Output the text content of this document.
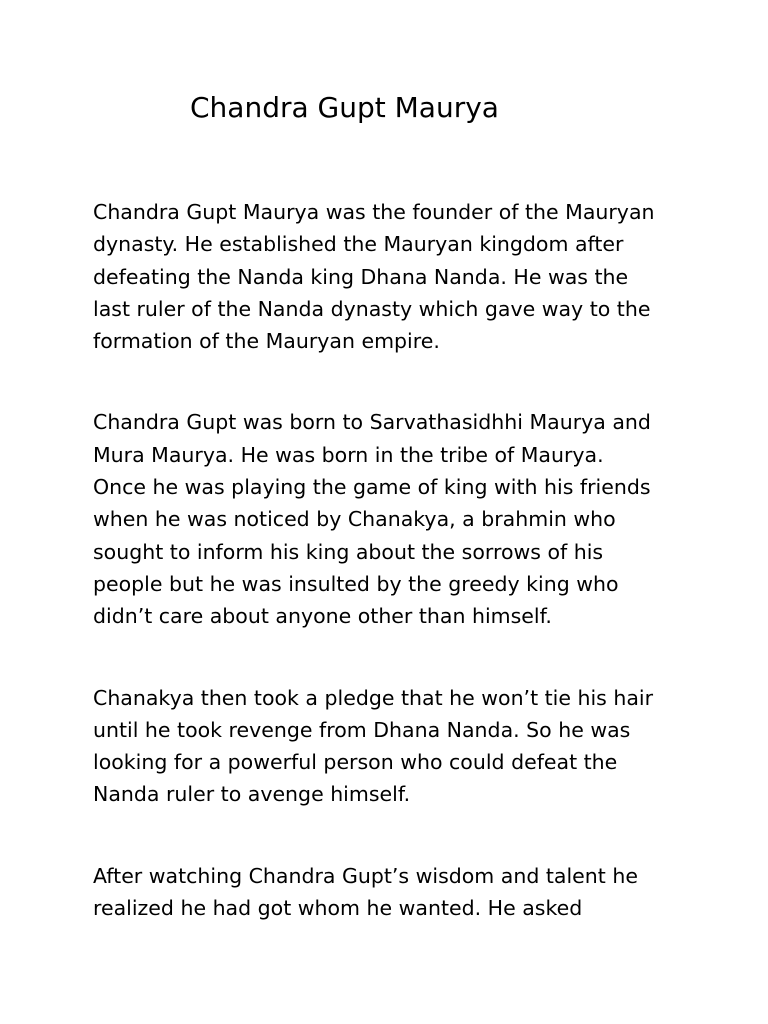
Chandra Gupt Maurya

Chandra Gupt Maurya was the founder of the Mauryan
dynasty. He established the Mauryan kingdom after
defeating the Nanda king Dhana Nanda. He was the
last ruler of the Nanda dynasty which gave way to the
formation of the Mauryan empire.

Chandra Gupt was born to Sarvathasidhhi Maurya and
Mura Maurya. He was born in the tribe of Maurya.
Once he was playing the game of king with his friends
when he was noticed by Chanakya, a brahmin who
sought to inform his king about the sorrows of his
people but he was insulted by the greedy king who
didn’t care about anyone other than himself.

Chanakya then took a pledge that he won’t tie his hair
until he took revenge from Dhana Nanda. So he was
looking for a powerful person who could defeat the
Nanda ruler to avenge himself.

After watching Chandra Gupt’s wisdom and talent he
realized he had got whom he wanted. He asked
